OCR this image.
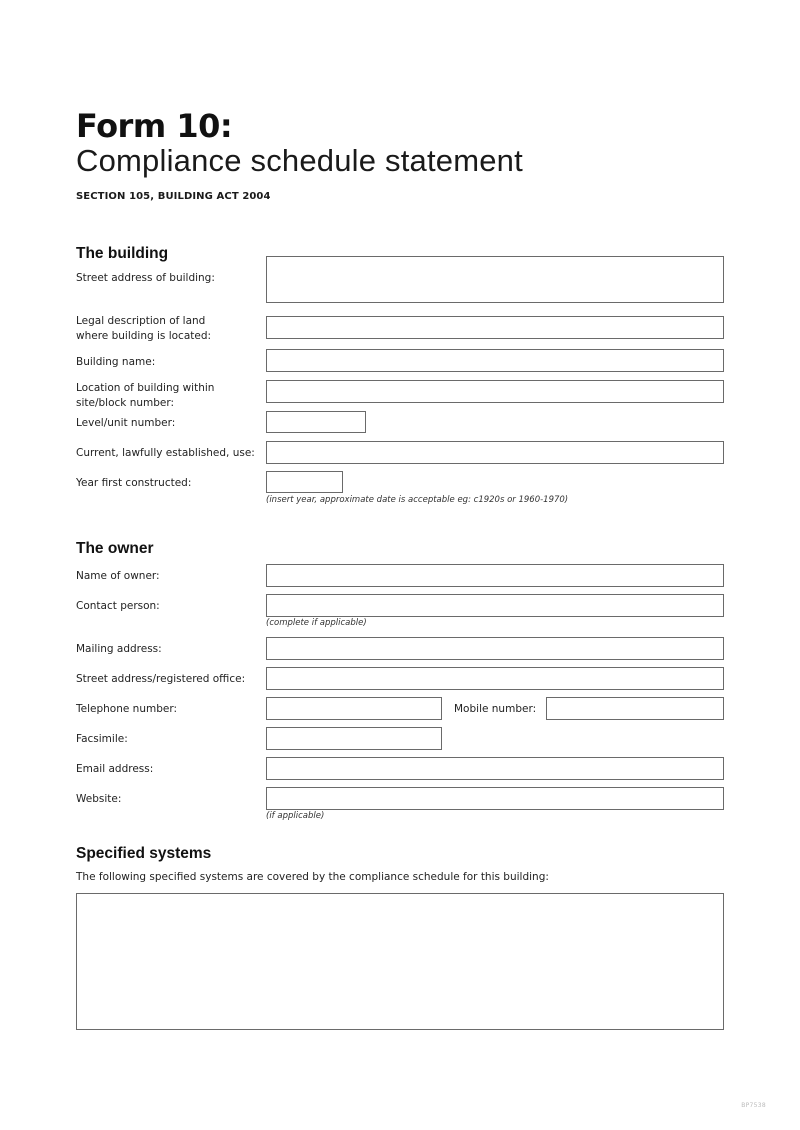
Form 10:
Compliance schedule statement
SECTION 105, BUILDING ACT 2004
The building
Street address of building:
Legal description of land
where building is located:
Building name:
Location of building within
site/block number:
Level/unit number:
Current, lawfully established, use:
Year first constructed:
(insert year, approximate date is acceptable eg: c1920s or 1960-1970)
The owner
Name of owner:
Contact person:
(complete if applicable)
Mailing address:
Street address/registered office:
Telephone number:	Mobile number:
Facsimile:
Email address:
Website:
(if applicable)
Specified systems
The following specified systems are covered by the compliance schedule for this building:
BP7538
